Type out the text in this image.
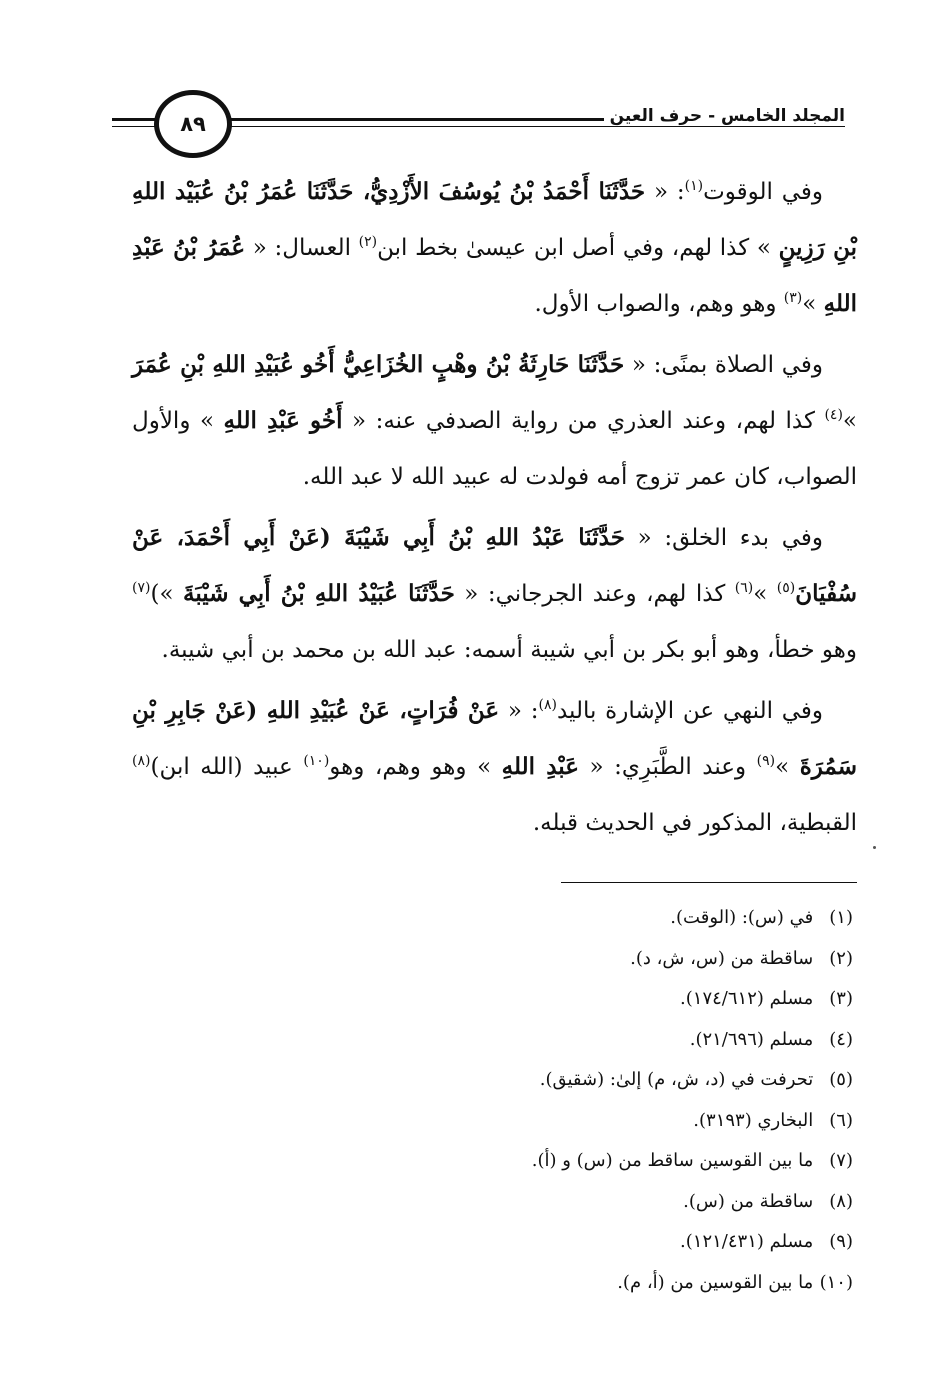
المجلد الخامس - حرف العين
٨٩

وفي الوقوت$^{(١)}$: « حَدَّثَنَا أَحْمَدُ بْنُ يُوسُفَ الأَزْدِيُّ، حَدَّثَنَا عُمَرُ بْنُ عُبَيْد اللهِ بْنِ رَزِينٍ » كذا لهم، وفي أصل ابن عيسىٰ بخط ابن$^{(٢)}$ العسال: « عُمَرُ بْنُ عَبْدِ اللهِ »$^{(٣)}$ وهو وهم، والصواب الأول.

وفي الصلاة بمنًى: « حَدَّثَنَا حَارِثَةُ بْنُ وهْبٍ الخُزَاعِيُّ أَخُو عُبَيْدِ اللهِ بْنِ عُمَرَ »$^{(٤)}$ كذا لهم، وعند العذري من رواية الصدفي عنه: « أَخُو عَبْدِ اللهِ » والأول الصواب، كان عمر تزوج أمه فولدت له عبيد الله لا عبد الله.

وفي بدء الخلق: « حَدَّثَنَا عَبْدُ اللهِ بْنُ أَبِي شَيْبَةَ (عَنْ أَبِي أَحْمَدَ، عَنْ سُفْيَانَ$^{(٥)}$ »$^{(٦)}$ كذا لهم، وعند الجرجاني: « حَدَّثَنَا عُبَيْدُ اللهِ بْنُ أَبِي شَيْبَةَ »)$^{(٧)}$ وهو خطأ، وهو أبو بكر بن أبي شيبة أسمه: عبد الله بن محمد بن أبي شيبة.

وفي النهي عن الإشارة باليد$^{(٨)}$: « عَنْ فُرَاتٍ، عَنْ عُبَيْدِ اللهِ (عَنْ جَابِرِ بْنِ سَمُرَةَ »$^{(٩)}$ وعند الطَّبَرِي: « عَبْدِ اللهِ » وهو وهم، وهو$^{(١٠)}$ عبيد (الله ابن)$^{(٨)}$ القبطية، المذكور في الحديث قبله.

(١) في (س): (الوقت).
(٢) ساقطة من (س، ش، د).
(٣) مسلم (١٧٤/٦١٢).
(٤) مسلم (٢١/٦٩٦).
(٥) تحرفت في (د، ش، م) إلىٰ: (شقيق).
(٦) البخاري (٣١٩٣).
(٧) ما بين القوسين ساقط من (س) و (أ).
(٨) ساقطة من (س).
(٩) مسلم (١٢١/٤٣١).
(١٠) ما بين القوسين من (أ، م).
